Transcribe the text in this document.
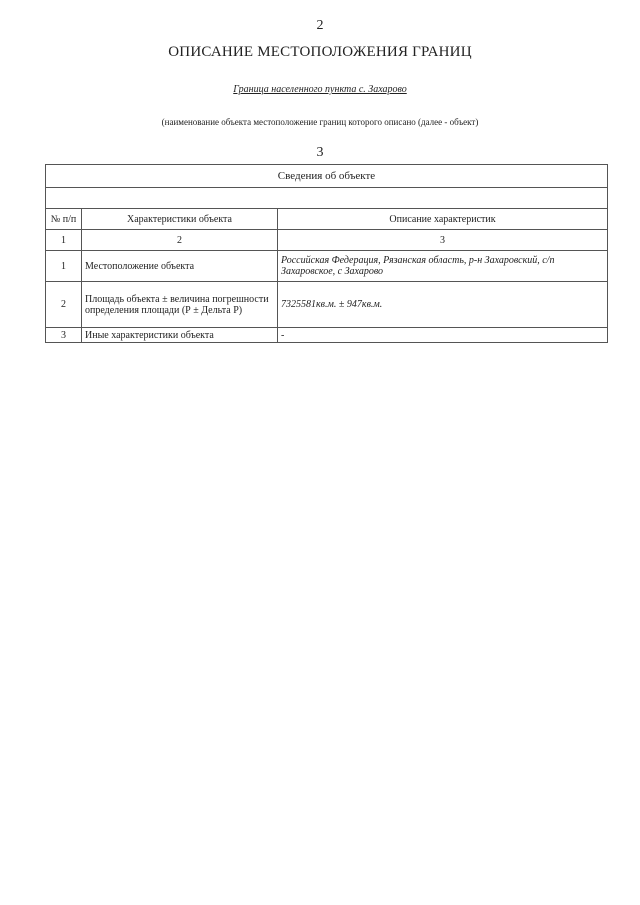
2
ОПИСАНИЕ МЕСТОПОЛОЖЕНИЯ ГРАНИЦ
Граница населенного пункта с. Захарово
(наименование объекта местоположение границ которого описано (далее - объект)
3
Сведения об объекте		

№ п/п	Характеристики объекта	Описание характеристик
1	2	3
1	Местоположение объекта	Российская Федерация, Рязанская область, р-н Захаровский, с/п Захаровское, с Захарово
2	Площадь объекта ± величина погрешности определения площади (Р ± Дельта Р)	7325581кв.м. ± 947кв.м.
3	Иные характеристики объекта	-
